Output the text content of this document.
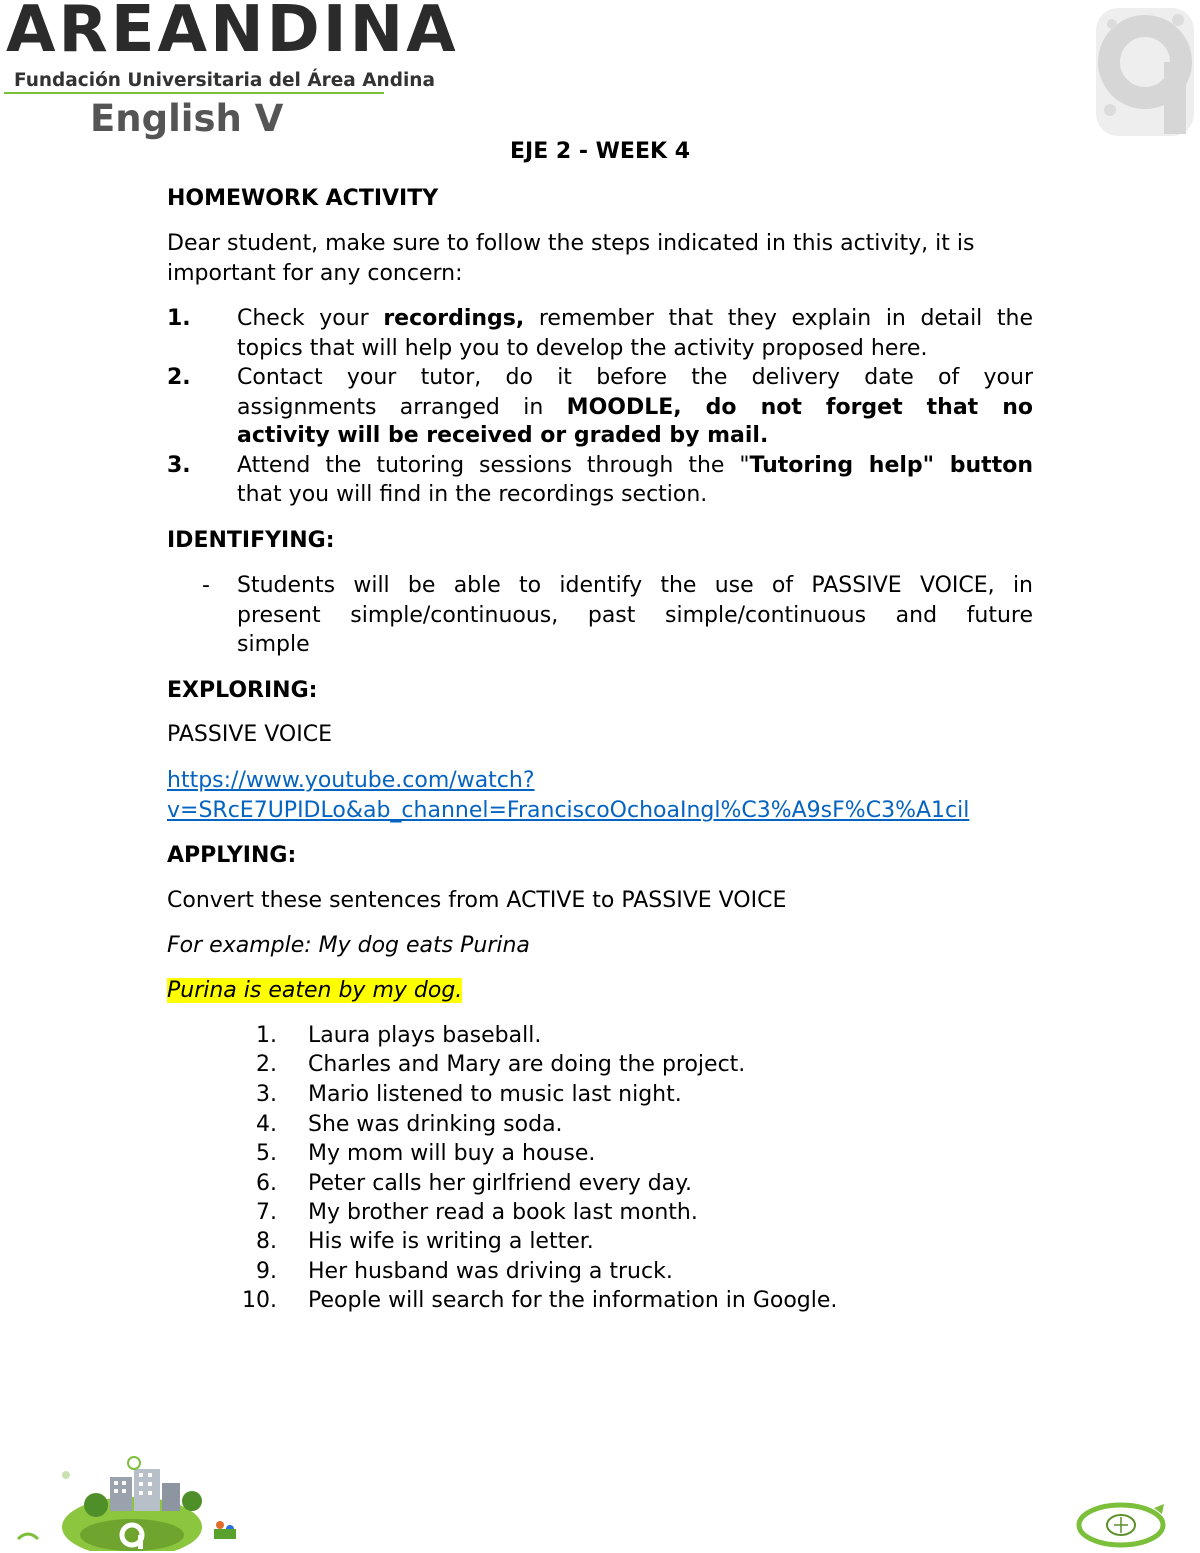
AREANDINA
Fundación Universitaria del Área Andina
English V
EJE 2 - WEEK 4
HOMEWORK ACTIVITY
Dear student, make sure to follow the steps indicated in this activity, it is
important for any concern:
1. Check your recordings, remember that they explain in detail the
topics that will help you to develop the activity proposed here.
2. Contact your tutor, do it before the delivery date of your
assignments arranged in MOODLE, do not forget that no
activity will be received or graded by mail.
3. Attend the tutoring sessions through the "Tutoring help" button
that you will find in the recordings section.
IDENTIFYING:
- Students will be able to identify the use of PASSIVE VOICE, in
present simple/continuous, past simple/continuous and future
simple
EXPLORING:
PASSIVE VOICE
https://www.youtube.com/watch?
v=SRcE7UPIDLo&ab_channel=FranciscoOchoaIngl%C3%A9sF%C3%A1cil
APPLYING:
Convert these sentences from ACTIVE to PASSIVE VOICE
For example: My dog eats Purina
Purina is eaten by my dog.
1. Laura plays baseball.
2. Charles and Mary are doing the project.
3. Mario listened to music last night.
4. She was drinking soda.
5. My mom will buy a house.
6. Peter calls her girlfriend every day.
7. My brother read a book last month.
8. His wife is writing a letter.
9. Her husband was driving a truck.
10. People will search for the information in Google.
